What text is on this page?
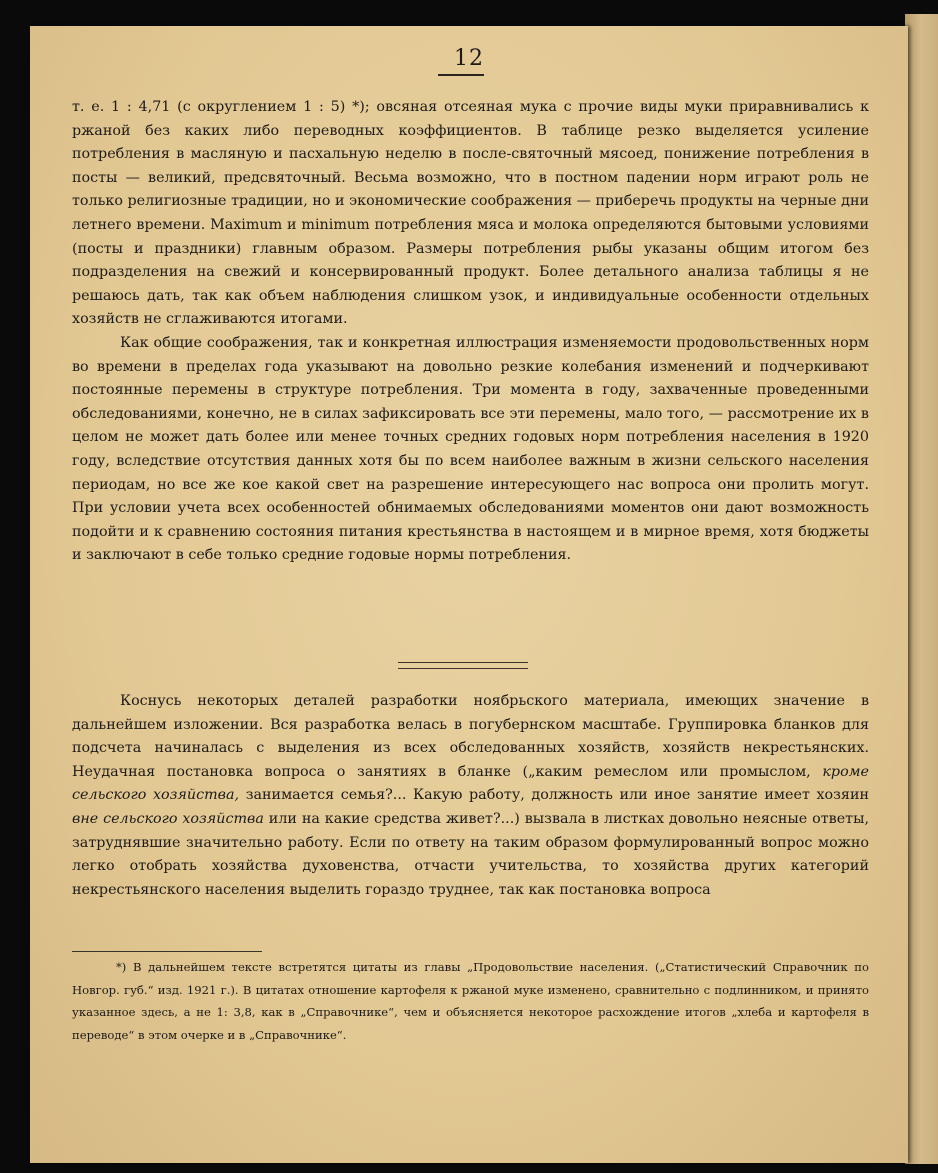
12

т. е. 1 : 4,71 (с округлением 1 : 5) *); овсяная отсеяная мука с прочие виды муки приравнивались к ржаной без каких либо переводных коэффициентов. В таблице резко выделяется усиление потребления в масляную и пасхальную неделю в после-святочный мясоед, понижение потребления в посты — великий, предсвяточный. Весьма возможно, что в постном падении норм играют роль не только религиозные традиции, но и экономические соображения — приберечь продукты на черные дни летнего времени. Maximum и minimum потребления мяса и молока определяются бытовыми условиями (посты и праздники) главным образом. Размеры потребления рыбы указаны общим итогом без подразделения на свежий и консервированный продукт. Более детального анализа таблицы я не решаюсь дать, так как объем наблюдения слишком узок, и индивидуальные особенности отдельных хозяйств не сглаживаются итогами.

Как общие соображения, так и конкретная иллюстрация изменяемости продовольственных норм во времени в пределах года указывают на довольно резкие колебания изменений и подчеркивают постоянные перемены в структуре потребления. Три момента в году, захваченные проведенными обследованиями, конечно, не в силах зафиксировать все эти перемены, мало того, — рассмотрение их в целом не может дать более или менее точных средних годовых норм потребления населения в 1920 году, вследствие отсутствия данных хотя бы по всем наиболее важным в жизни сельского населения периодам, но все же кое какой свет на разрешение интересующего нас вопроса они пролить могут. При условии учета всех особенностей обнимаемых обследованиями моментов они дают возможность подойти и к сравнению состояния питания крестьянства в настоящем и в мирное время, хотя бюджеты и заключают в себе только средние годовые нормы потребления.

Коснусь некоторых деталей разработки ноябрьского материала, имеющих значение в дальнейшем изложении. Вся разработка велась в погубернском масштабе. Группировка бланков для подсчета начиналась с выделения из всех обследованных хозяйств, хозяйств некрестьянских. Неудачная постановка вопроса о занятиях в бланке („каким ремеслом или промыслом, кроме сельского хозяйства, занимается семья?... Какую работу, должность или иное занятие имеет хозяин вне сельского хозяйства или на какие средства живет?...) вызвала в листках довольно неясные ответы, затруднявшие значительно работу. Если по ответу на таким образом формулированный вопрос можно легко отобрать хозяйства духовенства, отчасти учительства, то хозяйства других категорий некрестьянского населения выделить гораздо труднее, так как постановка вопроса

*) В дальнейшем тексте встретятся цитаты из главы „Продовольствие населения. („Статистический Справочник по Новгор. губ.“ изд. 1921 г.). В цитатах отношение картофеля к ржаной муке изменено, сравнительно с подлинником, и принято указанное здесь, а не 1: 3,8, как в „Справочнике“, чем и объясняется некоторое расхождение итогов „хлеба и картофеля в переводе“ в этом очерке и в „Справочнике“.
